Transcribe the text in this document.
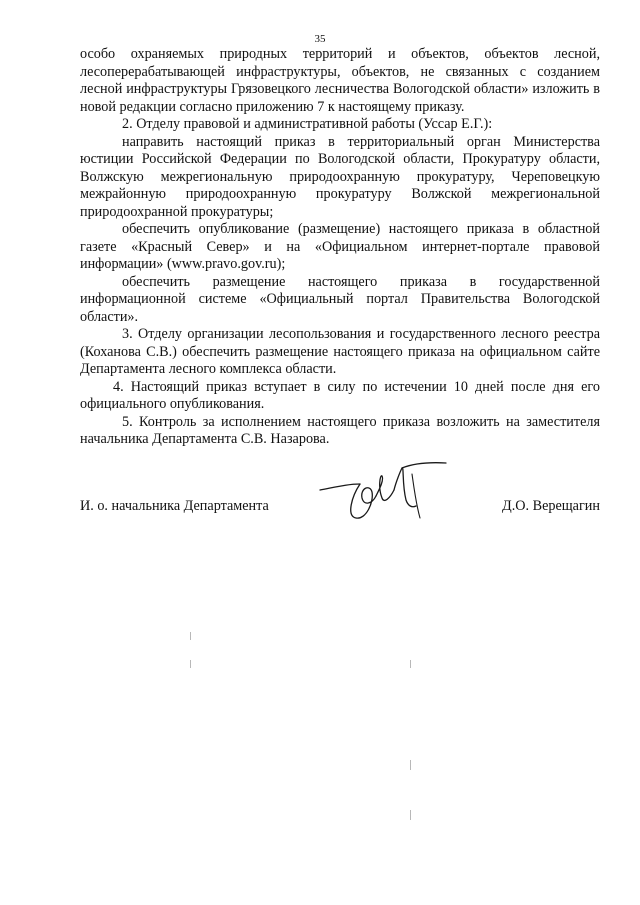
35

особо охраняемых природных территорий и объектов, объектов лесной, лесоперерабатывающей инфраструктуры, объектов, не связанных с созданием лесной инфраструктуры Грязовецкого лесничества Вологодской области» изложить в новой редакции согласно приложению 7 к настоящему приказу.

2. Отделу правовой и административной работы (Уссар Е.Г.):

направить настоящий приказ в территориальный орган Министерства юстиции Российской Федерации по Вологодской области, Прокуратуру области, Волжскую межрегиональную природоохранную прокуратуру, Череповецкую межрайонную природоохранную прокуратуру Волжской межрегиональной природоохранной прокуратуры;

обеспечить опубликование (размещение) настоящего приказа в областной газете «Красный Север» и на «Официальном интернет-портале правовой информации» (www.pravo.gov.ru);

обеспечить размещение настоящего приказа в государственной информационной системе «Официальный портал Правительства Вологодской области».

3. Отделу организации лесопользования и государственного лесного реестра (Коханова С.В.) обеспечить размещение настоящего приказа на официальном сайте Департамента лесного комплекса области.

4. Настоящий приказ вступает в силу по истечении 10 дней после дня его официального опубликования.

5. Контроль за исполнением настоящего приказа возложить на заместителя начальника Департамента С.В. Назарова.

И. о. начальника Департамента	Д.О. Верещагин
